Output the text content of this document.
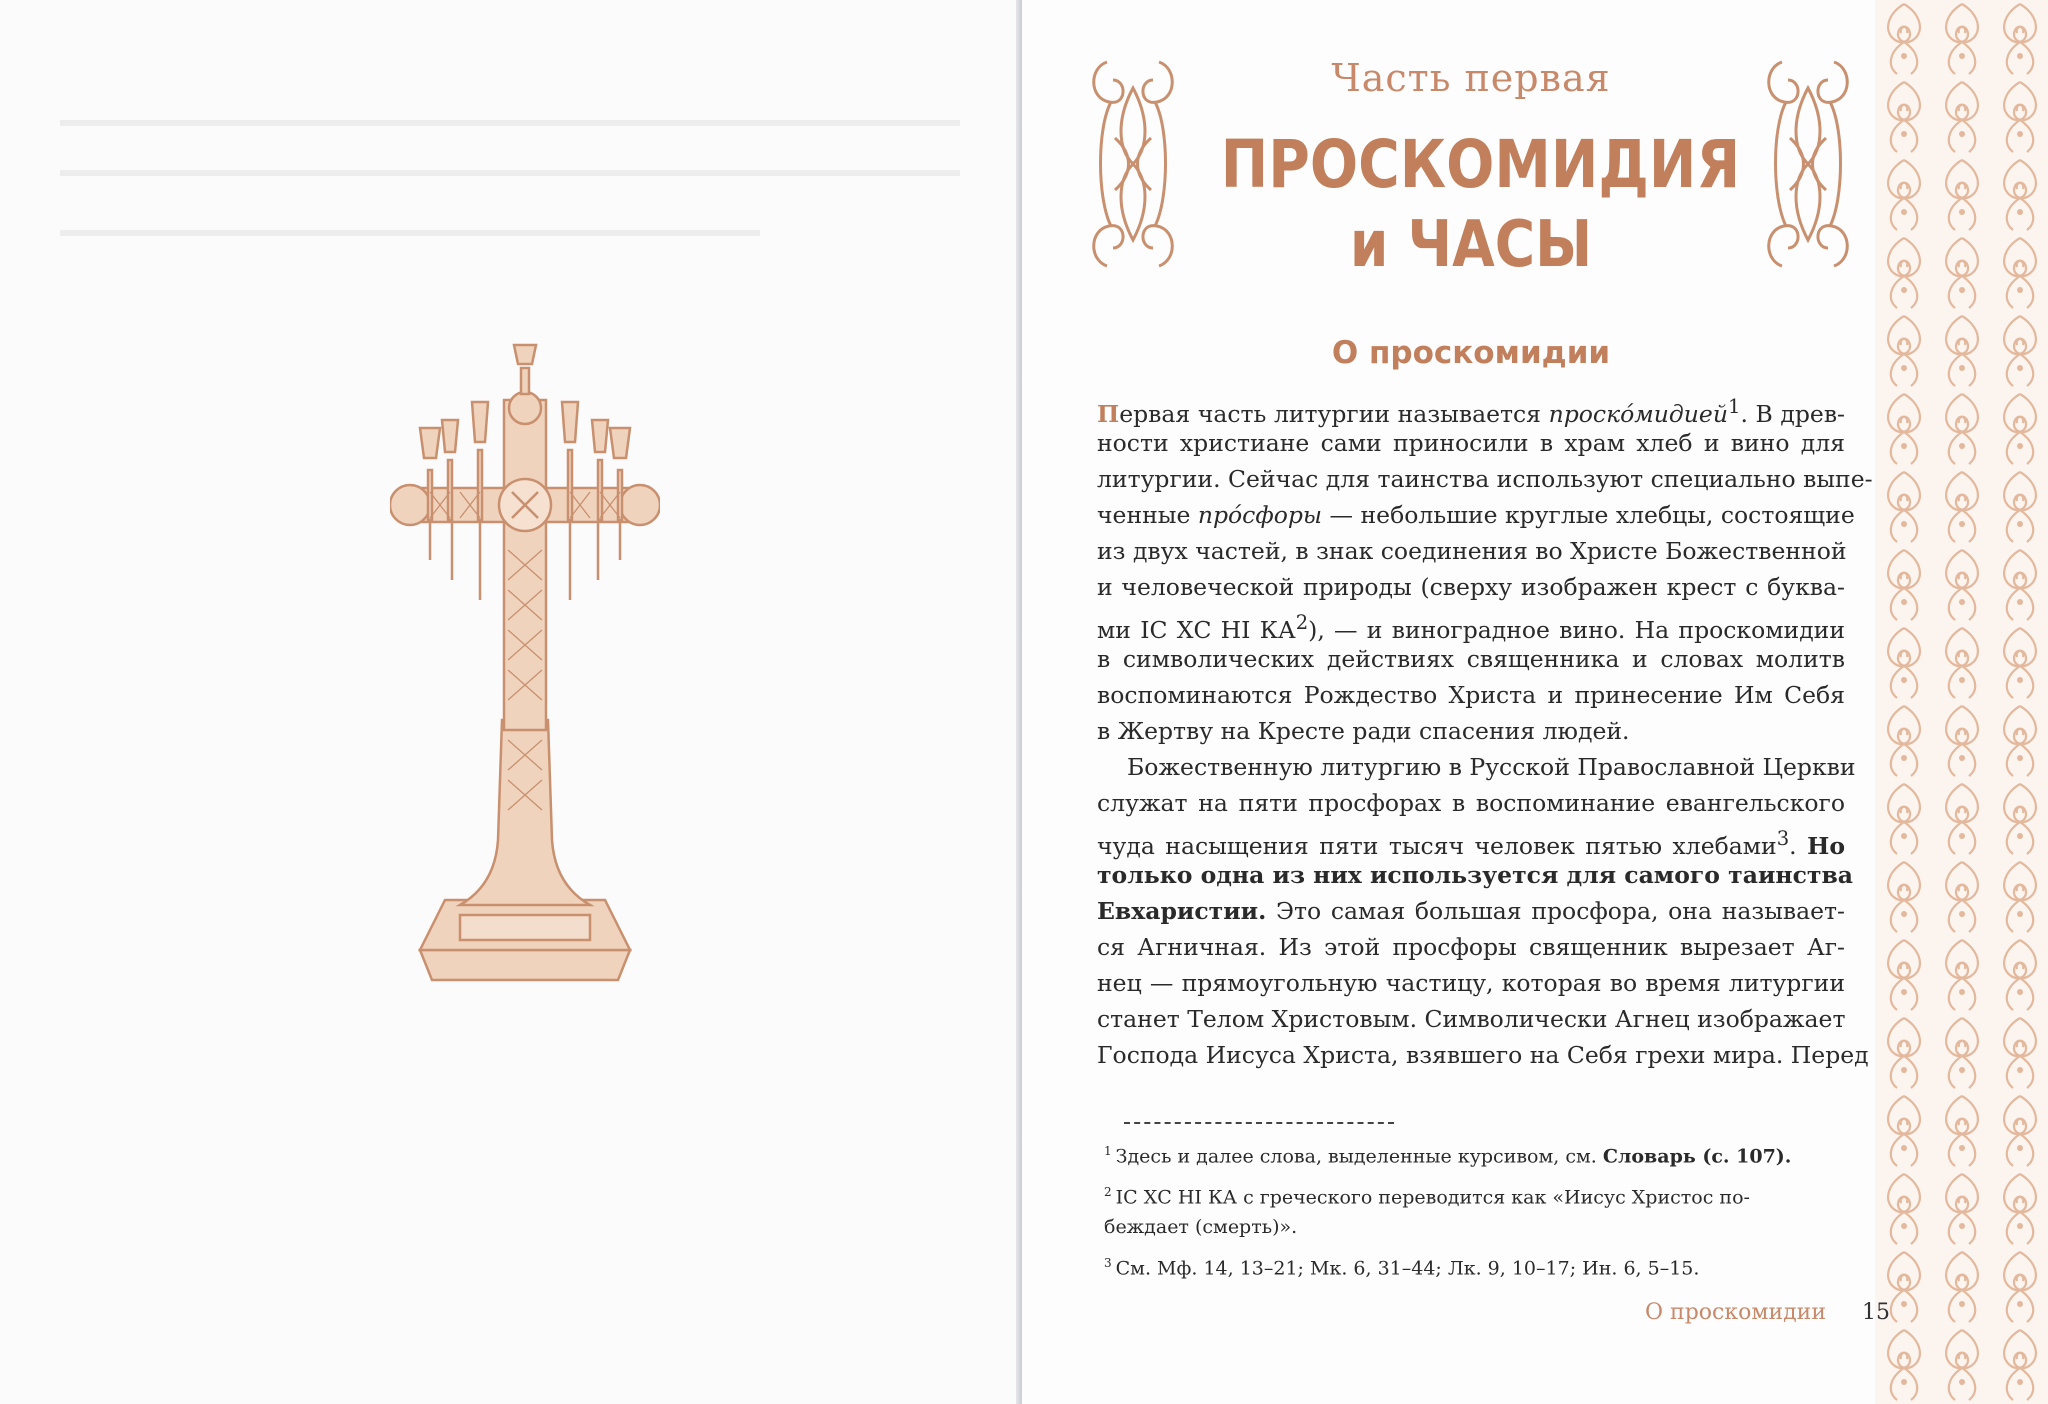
Часть первая
ПРОСКОМИДИЯ
и ЧАСЫ
О проскомидии
Первая часть литургии называется проско́мидией$^1$. В древ-
ности христиане сами приносили в храм хлеб и вино для
литургии. Сейчас для таинства используют специально выпе-
ченные про́сфоры — небольшие круглые хлебцы, состоящие
из двух частей, в знак соединения во Христе Божественной
и человеческой природы (сверху изображен крест с буква-
ми IС ХС НI $КА^2$), — и виноградное вино. На проскомидии
в символических действиях священника и словах молитв
воспоминаются Рождество Христа и принесение Им Себя
в Жертву на Кресте ради спасения людей.
Божественную литургию в Русской Православной Церкви
служат на пяти просфорах в воспоминание евангельского
чуда насыщения пяти тысяч человек пятью хлебами$^3$. Но
только одна из них используется для самого таинства
Евхаристии. Это самая большая просфора, она называет-
ся Агничная. Из этой просфоры священник вырезает Аг-
нец — прямоугольную частицу, которая во время литургии
станет Телом Христовым. Символически Агнец изображает
Господа Иисуса Христа, взявшего на Себя грехи мира. Перед
$^1$ Здесь и далее слова, выделенные курсивом, см. Словарь (с. 107).
$^2$ IС ХС НI КА с греческого переводится как «Иисус Христос по-
беждает (смерть)».
$^3$ См. Мф. 14, 13–21; Мк. 6, 31–44; Лк. 9, 10–17; Ин. 6, 5–15.
О проскомидии 15
